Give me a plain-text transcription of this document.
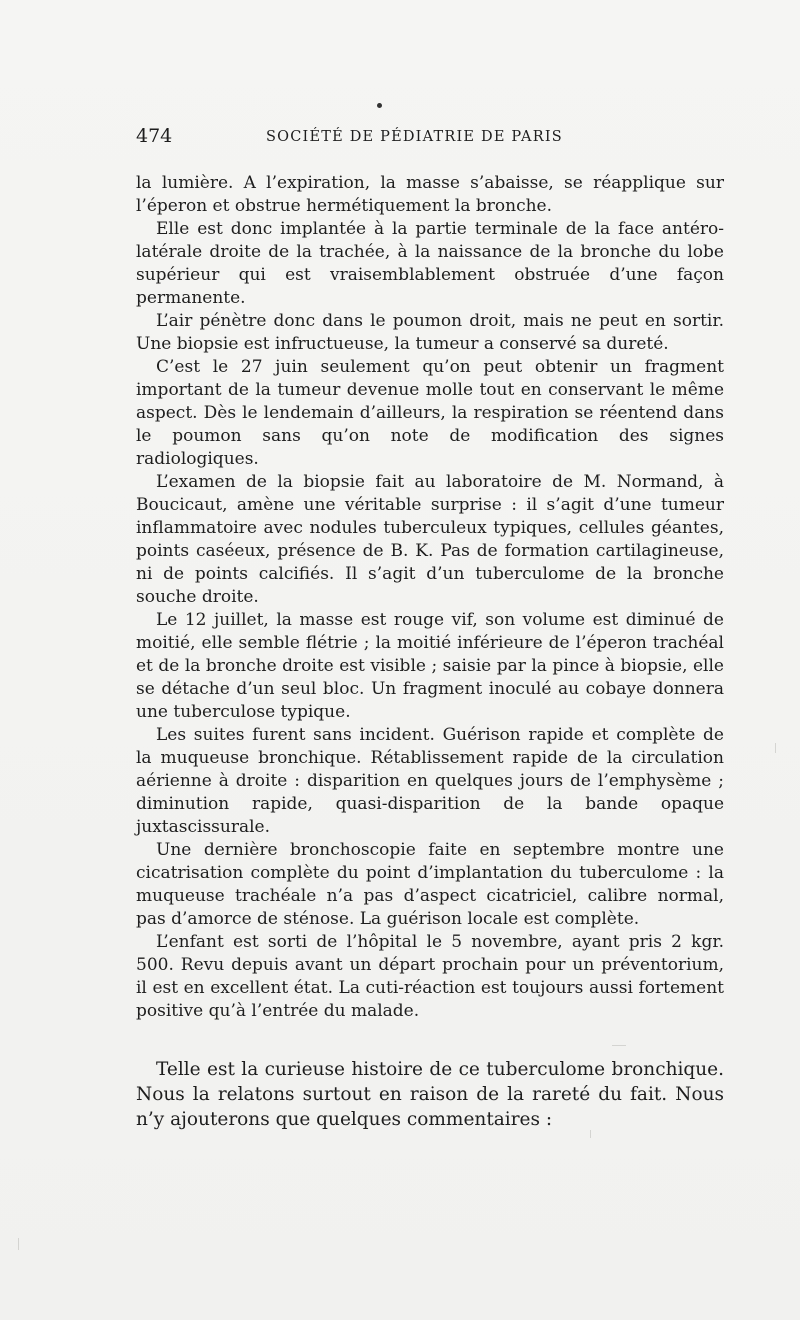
474	SOCIÉTÉ DE PÉDIATRIE DE PARIS

la lumière. A l’expiration, la masse s’abaisse, se réapplique sur l’éperon et obstrue hermétiquement la bronche.

Elle est donc implantée à la partie terminale de la face antéro-latérale droite de la trachée, à la naissance de la bronche du lobe supérieur qui est vraisemblablement obstruée d’une façon permanente.

L’air pénètre donc dans le poumon droit, mais ne peut en sortir. Une biopsie est infructueuse, la tumeur a conservé sa dureté.

C’est le 27 juin seulement qu’on peut obtenir un fragment important de la tumeur devenue molle tout en conservant le même aspect. Dès le lendemain d’ailleurs, la respiration se réentend dans le poumon sans qu’on note de modification des signes radiologiques.

L’examen de la biopsie fait au laboratoire de M. Normand, à Boucicaut, amène une véritable surprise : il s’agit d’une tumeur inflammatoire avec nodules tuberculeux typiques, cellules géantes, points caséeux, présence de B. K. Pas de formation cartilagineuse, ni de points calcifiés. Il s’agit d’un tuberculome de la bronche souche droite.

Le 12 juillet, la masse est rouge vif, son volume est diminué de moitié, elle semble flétrie ; la moitié inférieure de l’éperon trachéal et de la bronche droite est visible ; saisie par la pince à biopsie, elle se détache d’un seul bloc. Un fragment inoculé au cobaye donnera une tuberculose typique.

Les suites furent sans incident. Guérison rapide et complète de la muqueuse bronchique. Rétablissement rapide de la circulation aérienne à droite : disparition en quelques jours de l’emphysème ; diminution rapide, quasi-disparition de la bande opaque juxtascissurale.

Une dernière bronchoscopie faite en septembre montre une cicatrisation complète du point d’implantation du tuberculome : la muqueuse trachéale n’a pas d’aspect cicatriciel, calibre normal, pas d’amorce de sténose. La guérison locale est complète.

L’enfant est sorti de l’hôpital le 5 novembre, ayant pris 2 kgr. 500. Revu depuis avant un départ prochain pour un préventorium, il est en excellent état. La cuti-réaction est toujours aussi fortement positive qu’à l’entrée du malade.

Telle est la curieuse histoire de ce tuberculome bronchique. Nous la relatons surtout en raison de la rareté du fait. Nous n’y ajouterons que quelques commentaires :
